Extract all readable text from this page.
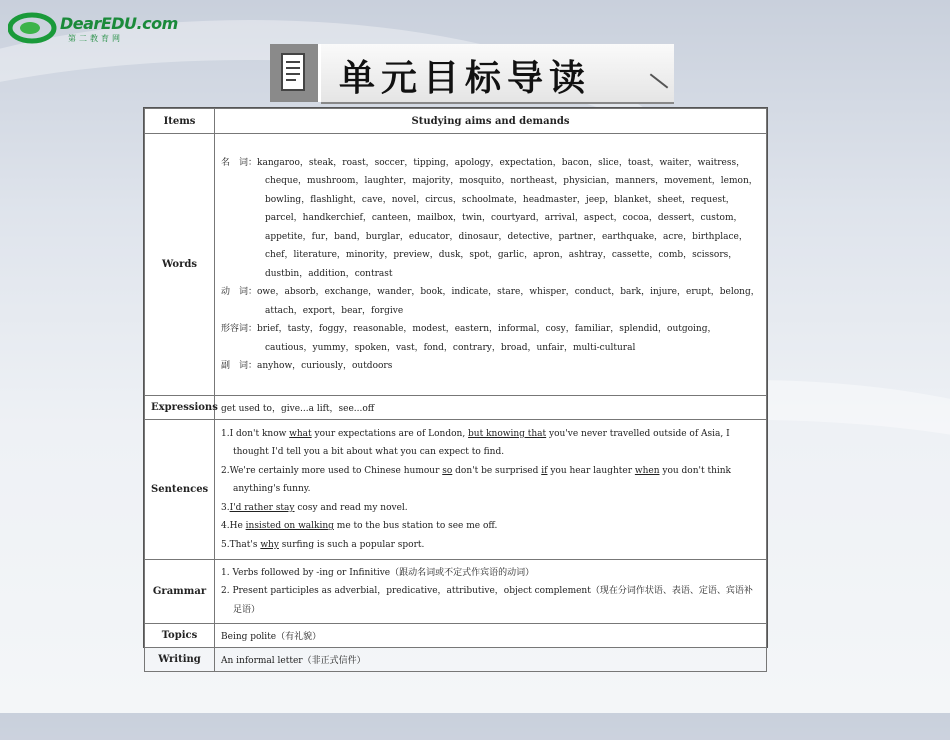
DearEDU.com
第二教育网
单元目标导读
Items	Studying aims and demands
Words	名　词：kangaroo，steak，roast，soccer，tipping，apology，expectation，bacon，slice，toast，waiter，waitress，cheque，mushroom，laughter，majority，mosquito，northeast，physician，manners，movement，lemon，bowling，flashlight，cave，novel，circus，schoolmate，headmaster，jeep，blanket，sheet，request，parcel，handkerchief，canteen，mailbox，twin，courtyard，arrival，aspect，cocoa，dessert，custom，appetite，fur，band，burglar，educator，dinosaur，detective，partner，earthquake，acre，birthplace，chef，literature，minority，preview，dusk，spot，garlic，apron，ashtray，cassette，comb，scissors，dustbin，addition，contrast
动　词：owe，absorb，exchange，wander，book，indicate，stare，whisper，conduct，bark，injure，erupt，belong，attach，export，bear，forgive
形容词：brief，tasty，foggy，reasonable，modest，eastern，informal，cosy，familiar，splendid，outgoing，cautious，yummy，spoken，vast，fond，contrary，broad，unfair，multi-cultural
副　词：anyhow，curiously，outdoors

Expressions	get used to，give...a lift，see...off
Sentences	1.I don't know what your expectations are of London, but knowing that you've never travelled outside of Asia, I thought I'd tell you a bit about what you can expect to find.
2.We're certainly more used to Chinese humour so don't be surprised if you hear laughter when you don't think anything's funny.
3.I'd rather stay cosy and read my novel.
4.He insisted on walking me to the bus station to see me off.
5.That's why surfing is such a popular sport.

Grammar	1. Verbs followed by -ing or Infinitive（跟动名词或不定式作宾语的动词）
2. Present participles as adverbial，predicative，attributive，object complement（现在分词作状语、表语、定语、宾语补足语）

Topics	Being polite（有礼貌）
Writing	An informal letter（非正式信件）
